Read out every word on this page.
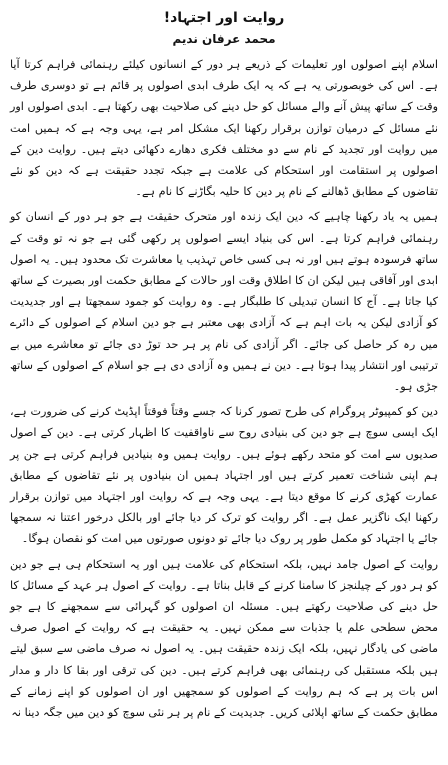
روایت اور اجتہاد!
محمد عرفان ندیم

اسلام اپنے اصولوں اور تعلیمات کے ذریعے ہر دور کے انسانوں کیلئے رہنمائی فراہم کرتا آیا ہے۔ اس کی خوبصورتی یہ ہے کہ یہ ایک طرف ابدی اصولوں پر قائم ہے تو دوسری طرف وقت کے ساتھ پیش آنے والے مسائل کو حل دینے کی صلاحیت بھی رکھتا ہے۔ ابدی اصولوں اور نئے مسائل کے درمیان توازن برقرار رکھنا ایک مشکل امر ہے، یہی وجہ ہے کہ ہمیں امت میں روایت اور تجدید کے نام سے دو مختلف فکری دھارے دکھائی دیتے ہیں۔ روایت دین کے اصولوں پر استقامت اور استحکام کی علامت ہے جبکہ تجدد حقیقت ہے کہ دین کو نئے تقاضوں کے مطابق ڈھالنے کے نام پر دین کا حلیہ بگاڑنے کا نام ہے۔

ہمیں یہ یاد رکھنا چاہیے کہ دین ایک زندہ اور متحرک حقیقت ہے جو ہر دور کے انسان کو رہنمائی فراہم کرتا ہے۔ اس کی بنیاد ایسے اصولوں پر رکھی گئی ہے جو نہ تو وقت کے ساتھ فرسودہ ہوتے ہیں اور نہ ہی کسی خاص تہذیب یا معاشرت تک محدود ہیں۔ یہ اصول ابدی اور آفاقی ہیں لیکن ان کا اطلاق وقت اور حالات کے مطابق حکمت اور بصیرت کے ساتھ کیا جاتا ہے۔ آج کا انسان تبدیلی کا طلبگار ہے۔ وہ روایت کو جمود سمجھتا ہے اور جدیدیت کو آزادی لیکن یہ بات اہم ہے کہ آزادی بھی معتبر ہے جو دین اسلام کے اصولوں کے دائرے میں رہ کر حاصل کی جائے۔ اگر آزادی کی نام پر ہر حد توڑ دی جائے تو معاشرے میں بے ترتیبی اور انتشار پیدا ہوتا ہے۔ دین نے ہمیں وہ آزادی دی ہے جو اسلام کے اصولوں کے ساتھ جڑی ہو۔

دین کو کمپیوٹر پروگرام کی طرح تصور کرنا کہ جسے وقتاً فوقتاً اپڈیٹ کرنے کی ضرورت ہے، ایک ایسی سوچ ہے جو دین کی بنیادی روح سے ناواقفیت کا اظہار کرتی ہے۔ دین کے اصول صدیوں سے امت کو متحد رکھے ہوئے ہیں۔ روایت ہمیں وہ بنیادیں فراہم کرتی ہے جن پر ہم اپنی شناخت تعمیر کرتے ہیں اور اجتہاد ہمیں ان بنیادوں پر نئے تقاضوں کے مطابق عمارت کھڑی کرنے کا موقع دیتا ہے۔ یہی وجہ ہے کہ روایت اور اجتہاد میں توازن برقرار رکھنا ایک ناگزیر عمل ہے۔ اگر روایت کو ترک کر دیا جائے اور بالکل درخور اعتنا نہ سمجھا جائے یا اجتہاد کو مکمل طور پر روک دیا جائے تو دونوں صورتوں میں امت کو نقصان ہوگا۔

روایت کے اصول جامد نہیں، بلکہ استحکام کی علامت ہیں اور یہ استحکام ہی ہے جو دین کو ہر دور کے چیلنجز کا سامنا کرنے کے قابل بناتا ہے۔ روایت کے اصول ہر عہد کے مسائل کا حل دینے کی صلاحیت رکھتے ہیں۔ مسئلہ ان اصولوں کو گہرائی سے سمجھنے کا ہے جو محض سطحی علم یا جذبات سے ممکن نہیں۔ یہ حقیقت ہے کہ روایت کے اصول صرف ماضی کی یادگار نہیں، بلکہ ایک زندہ حقیقت ہیں۔ یہ اصول نہ صرف ماضی سے سبق لیتے ہیں بلکہ مستقبل کی رہنمائی بھی فراہم کرتے ہیں۔ دین کی ترقی اور بقا کا دار و مدار اس بات پر ہے کہ ہم روایت کے اصولوں کو سمجھیں اور ان اصولوں کو اپنے زمانے کے مطابق حکمت کے ساتھ اپلائی کریں۔ جدیدیت کے نام پر ہر نئی سوچ کو دین میں جگہ دینا نہ
